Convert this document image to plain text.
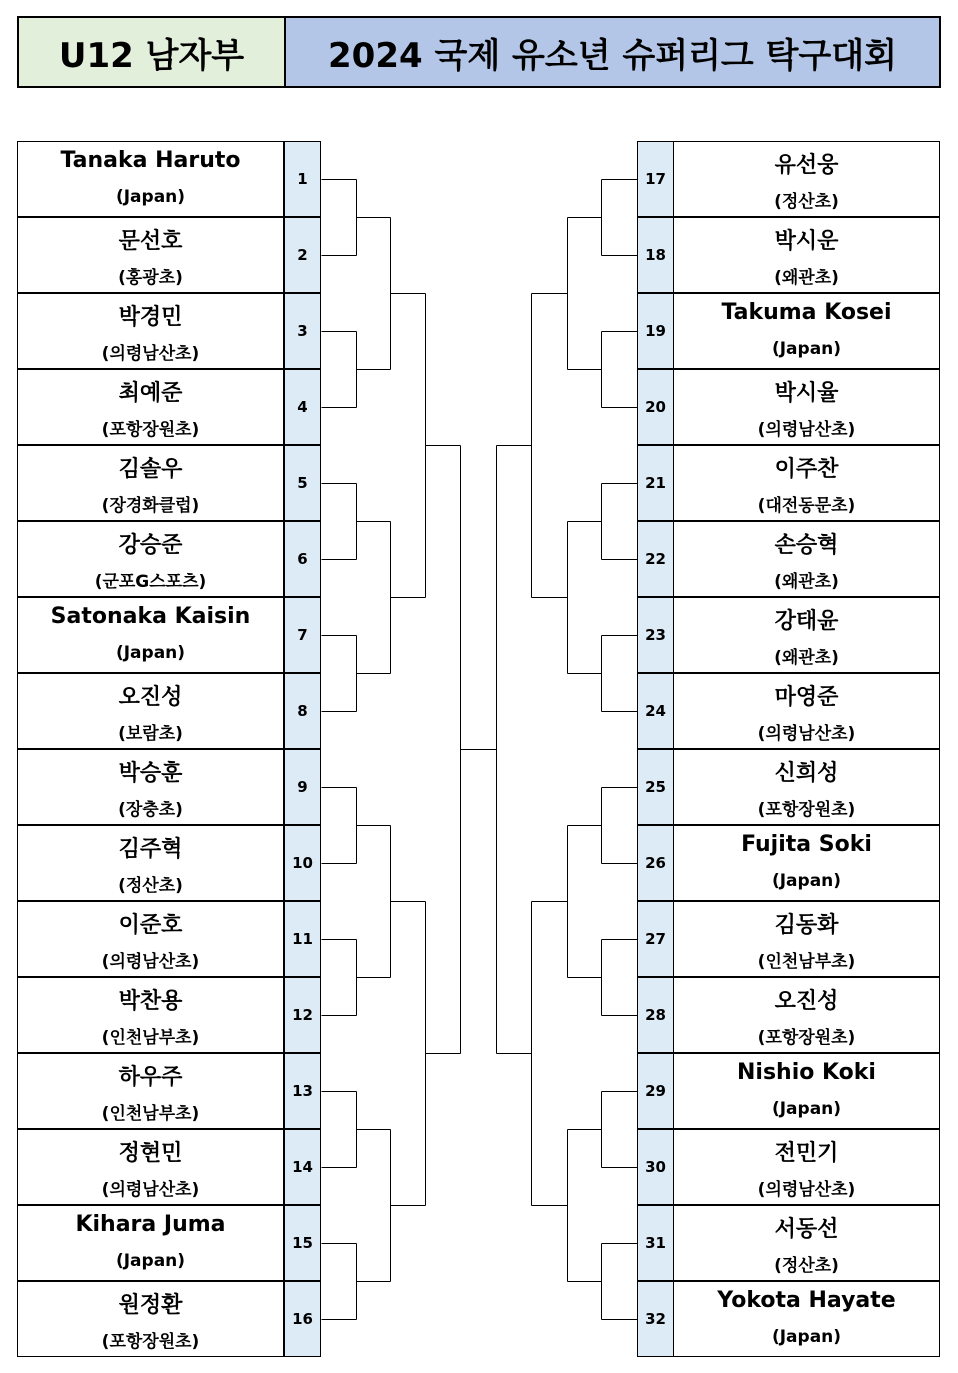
U12 남자부 2024 국제 유소년 슈퍼리그 탁구대회
Tanaka Haruto
(Japan)
1
문선호
(홍광초)
2
박경민
(의령남산초)
3
최예준
(포항장원초)
4
김솔우
(장경화클럽)
5
강승준
(군포G스포츠)
6
Satonaka Kaisin
(Japan)
7
오진성
(보람초)
8
박승훈
(장충초)
9
김주혁
(정산초)
10
이준호
(의령남산초)
11
박찬용
(인천남부초)
12
하우주
(인천남부초)
13
정현민
(의령남산초)
14
Kihara Juma
(Japan)
15
원정환
(포항장원초)
16
유선웅
(정산초)
17
박시운
(왜관초)
18
Takuma Kosei
(Japan)
19
박시율
(의령남산초)
20
이주찬
(대전동문초)
21
손승혁
(왜관초)
22
강태윤
(왜관초)
23
마영준
(의령남산초)
24
신희성
(포항장원초)
25
Fujita Soki
(Japan)
26
김동화
(인천남부초)
27
오진성
(포항장원초)
28
Nishio Koki
(Japan)
29
전민기
(의령남산초)
30
서동선
(정산초)
31
Yokota Hayate
(Japan)
32
